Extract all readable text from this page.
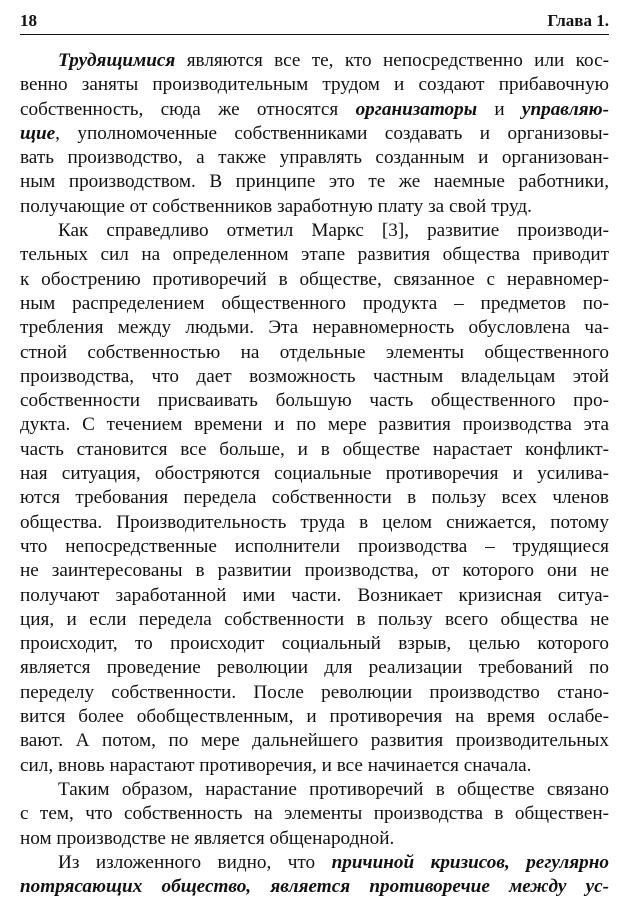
18	Глава 1.
Трудящимися являются все те, кто непосредственно или кос-
венно заняты производительным трудом и создают прибавочную
собственность, сюда же относятся организаторы и управляю-
щие, уполномоченные собственниками создавать и организовы-
вать производство, а также управлять созданным и организован-
ным производством. В принципе это те же наемные работники,
получающие от собственников заработную плату за свой труд.
Как справедливо отметил Маркс [3], развитие производи-
тельных сил на определенном этапе развития общества приводит
к обострению противоречий в обществе, связанное с неравномер-
ным распределением общественного продукта – предметов по-
требления между людьми. Эта неравномерность обусловлена ча-
стной собственностью на отдельные элементы общественного
производства, что дает возможность частным владельцам этой
собственности присваивать большую часть общественного про-
дукта. С течением времени и по мере развития производства эта
часть становится все больше, и в обществе нарастает конфликт-
ная ситуация, обостряются социальные противоречия и усилива-
ются требования передела собственности в пользу всех членов
общества. Производительность труда в целом снижается, потому
что непосредственные исполнители производства – трудящиеся
не заинтересованы в развитии производства, от которого они не
получают заработанной ими части. Возникает кризисная ситуа-
ция, и если передела собственности в пользу всего общества не
происходит, то происходит социальный взрыв, целью которого
является проведение революции для реализации требований по
переделу собственности. После революции производство стано-
вится более обобществленным, и противоречия на время ослабе-
вают. А потом, по мере дальнейшего развития производительных
сил, вновь нарастают противоречия, и все начинается сначала.
Таким образом, нарастание противоречий в обществе связано
с тем, что собственность на элементы производства в обществен-
ном производстве не является общенародной.
Из изложенного видно, что причиной кризисов, регулярно
потрясающих общество, является противоречие между ус-
